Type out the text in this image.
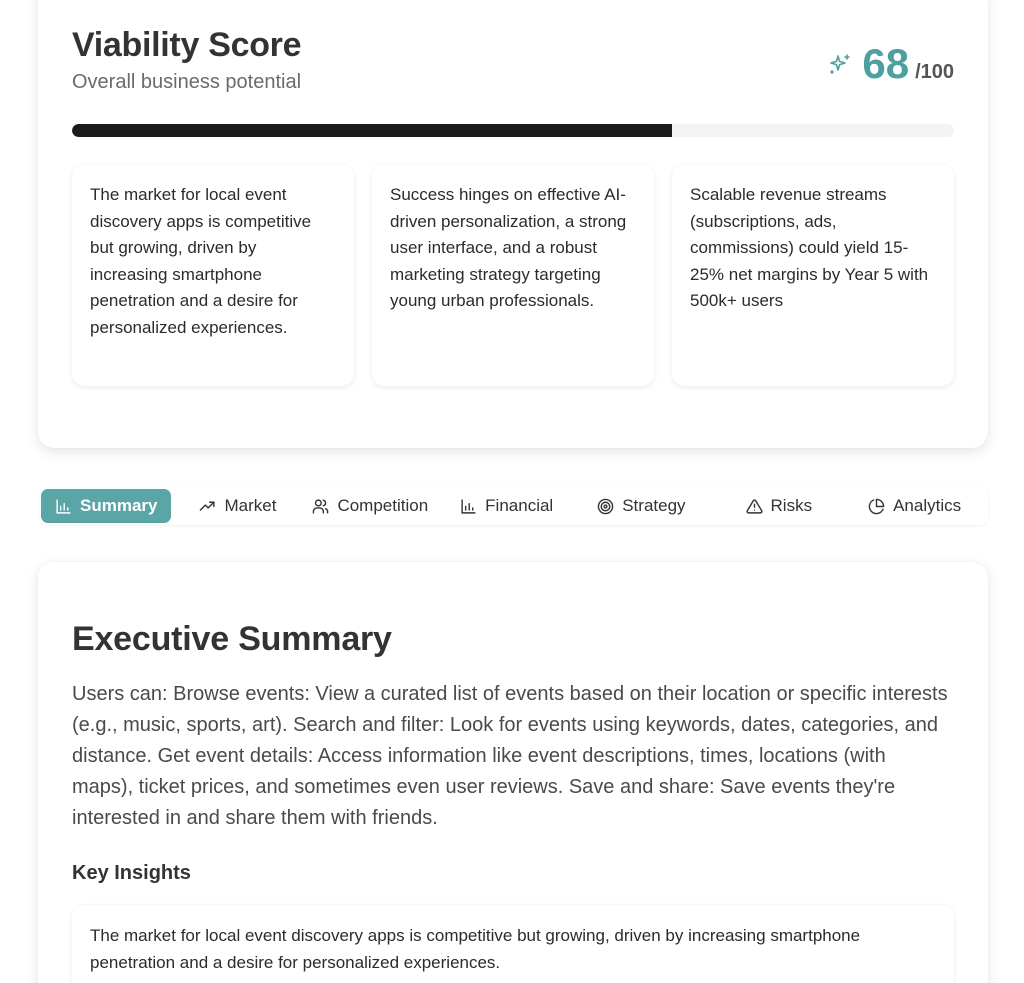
Viability Score
Overall business potential	68 /100
The market for local event discovery apps is competitive but growing, driven by increasing smartphone penetration and a desire for personalized experiences.
Success hinges on effective AI-driven personalization, a strong user interface, and a robust marketing strategy targeting young urban professionals.
Scalable revenue streams (subscriptions, ads, commissions) could yield 15-25% net margins by Year 5 with 500k+ users
Summary	Market	Competition	Financial	Strategy	Risks	Analytics
Executive Summary

Users can: Browse events: View a curated list of events based on their location or specific interests (e.g., music, sports, art). Search and filter: Look for events using keywords, dates, categories, and distance. Get event details: Access information like event descriptions, times, locations (with maps), ticket prices, and sometimes even user reviews. Save and share: Save events they're interested in and share them with friends.

Key Insights
The market for local event discovery apps is competitive but growing, driven by increasing smartphone penetration and a desire for personalized experiences.
